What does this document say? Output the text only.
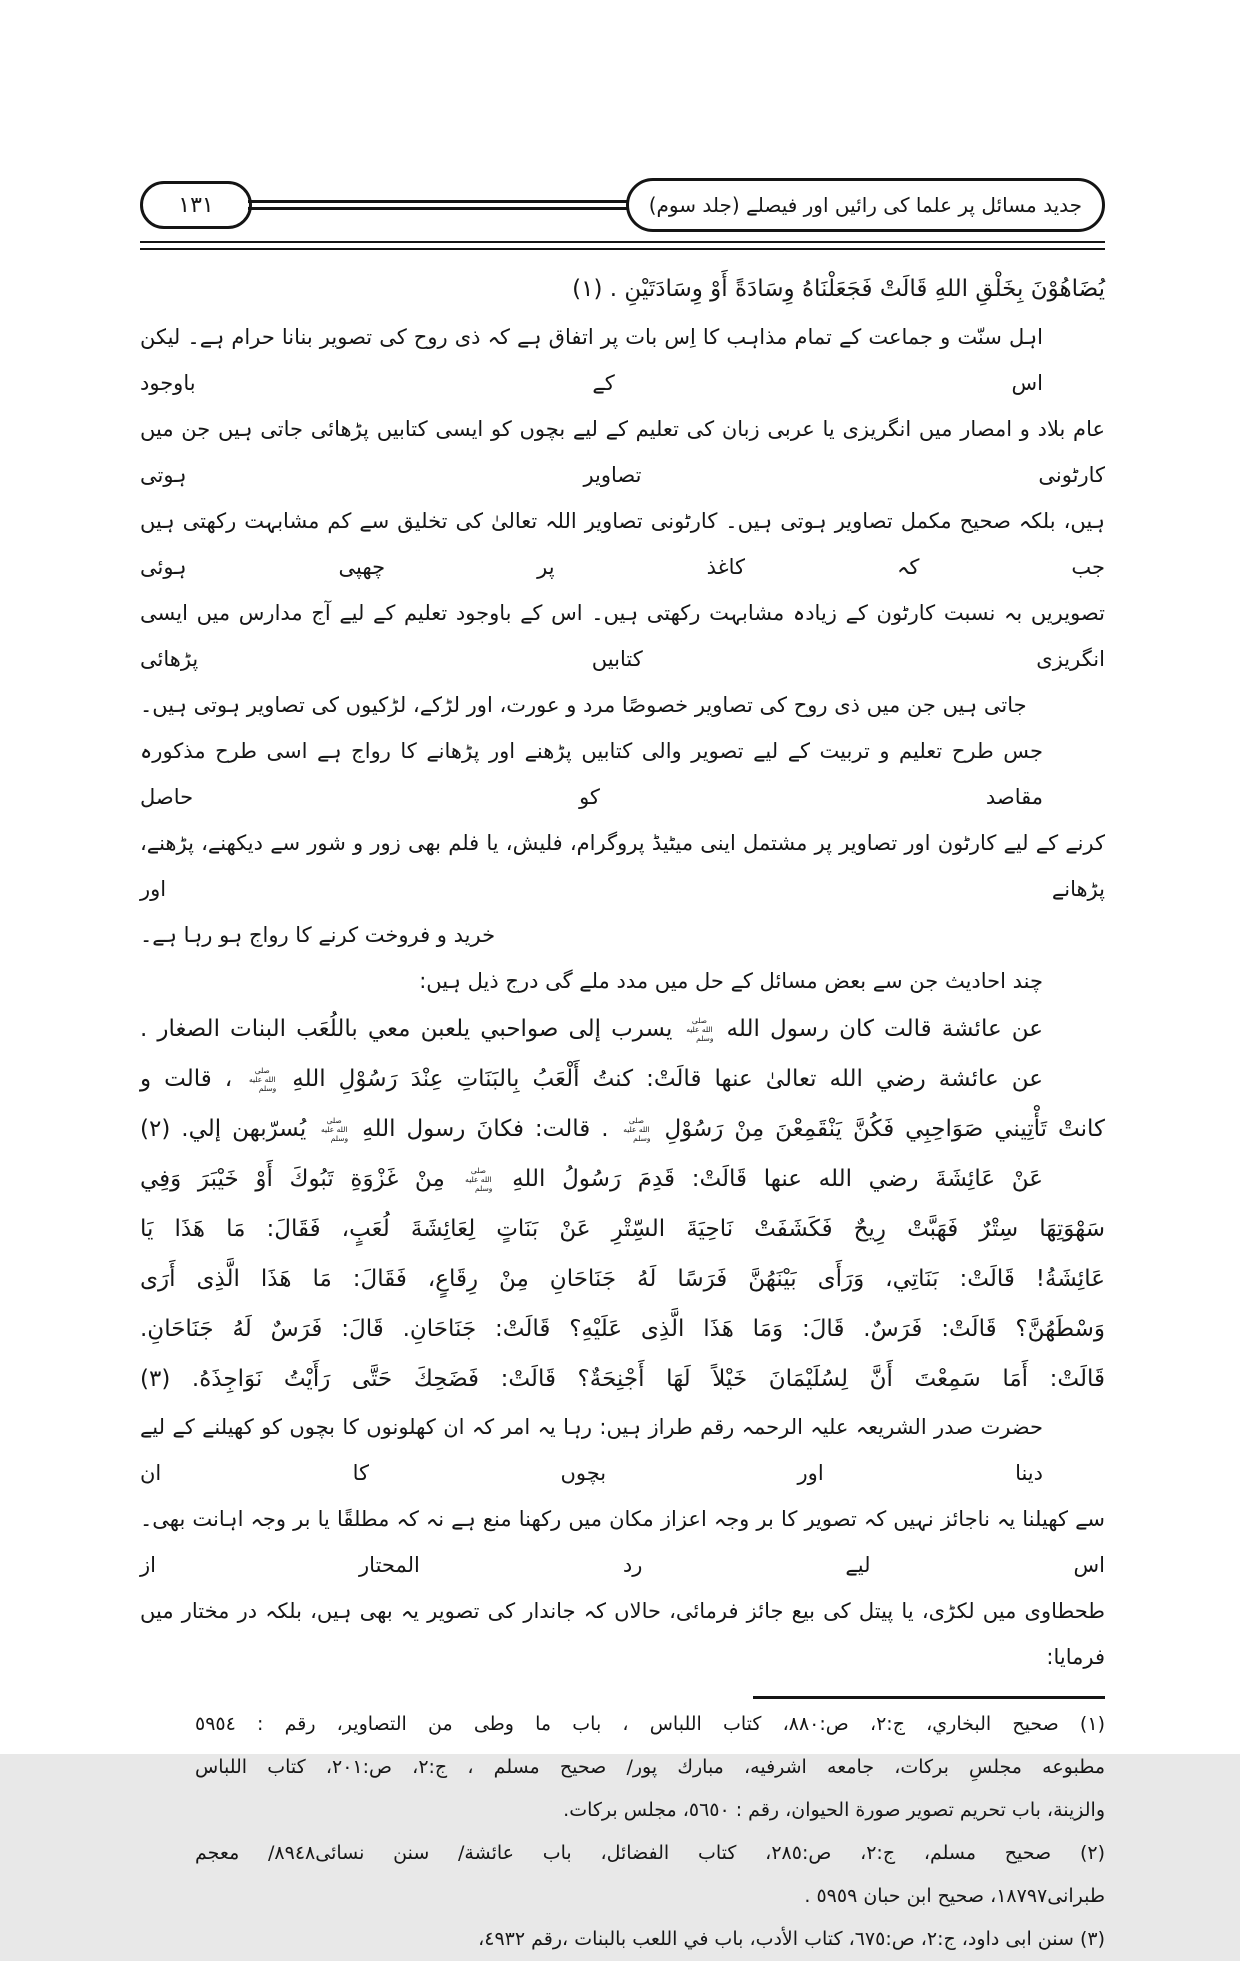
١٣١	جدید مسائل پر علما کی رائیں اور فیصلے (جلد سوم)
يُضَاهُوْنَ بِخَلْقِ اللهِ قَالَتْ فَجَعَلْنَاهُ وِسَادَةً أَوْ وِسَادَتَيْنِ . (١)
اہل سنّت و جماعت کے تمام مذاہب کا اِس بات پر اتفاق ہے کہ ذی روح کی تصویر بنانا حرام ہے۔ لیکن اس کے باوجود
عام بلاد و امصار میں انگریزی یا عربی زبان کی تعلیم کے لیے بچوں کو ایسی کتابیں پڑھائی جاتی ہیں جن میں کارٹونی تصاویر ہوتی
ہیں، بلکہ صحیح مکمل تصاویر ہوتی ہیں۔ کارٹونی تصاویر اللہ تعالیٰ کی تخلیق سے کم مشابہت رکھتی ہیں جب کہ کاغذ پر چھپی ہوئی
تصویریں بہ نسبت کارٹون کے زیادہ مشابہت رکھتی ہیں۔ اس کے باوجود تعلیم کے لیے آج مدارس میں ایسی انگریزی کتابیں پڑھائی
جاتی ہیں جن میں ذی روح کی تصاویر خصوصًا مرد و عورت، اور لڑکے، لڑکیوں کی تصاویر ہوتی ہیں۔
جس طرح تعلیم و تربیت کے لیے تصویر والی کتابیں پڑھنے اور پڑھانے کا رواج ہے اسی طرح مذکورہ مقاصد کو حاصل
کرنے کے لیے کارٹون اور تصاویر پر مشتمل اینی میٹیڈ پروگرام، فلیش، یا فلم بھی زور و شور سے دیکھنے، پڑھنے، پڑھانے اور
خرید و فروخت کرنے کا رواج ہو رہا ہے۔
چند احادیث جن سے بعض مسائل کے حل میں مدد ملے گی درج ذیل ہیں:
عن عائشة قالت كان رسول الله صلى الله عليه وسلم يسرب إلى صواحبي يلعبن معي باللُعَب البنات الصغار .
عن عائشة رضي الله تعالىٰ عنها قالَتْ: كنتُ أَلْعَبُ بِالبَنَاتِ عِنْدَ رَسُوْلِ اللهِ صلى الله عليه وسلم ، قالت و
كانتْ تَأْتِيني صَوَاحِبِي فَكُنَّ يَنْقَمِعْنَ مِنْ رَسُوْلِ صلى الله عليه وسلم . قالت: فكانَ رسول اللهِ صلى الله عليه وسلم يُسرّبهن إلي. (٢)
عَنْ عَائِشَةَ رضي الله عنها قَالَتْ: قَدِمَ رَسُولُ اللهِ صلى الله عليه وسلم مِنْ غَزْوَةِ تَبُوكَ أَوْ خَيْبَرَ وَفِي
سَهْوَتِهَا سِتْرٌ فَهَبَّتْ رِيحٌ فَكَشَفَتْ نَاحِيَةَ السِّتْرِ عَنْ بَنَاتٍ لِعَائِشَةَ لُعَبٍ، فَقَالَ: مَا هَذَا يَا
عَائِشَةُ! قَالَتْ: بَنَاتِي، وَرَأَى بَيْنَهُنَّ فَرَسًا لَهُ جَنَاحَانِ مِنْ رِقَاعٍ، فَقَالَ: مَا هَذَا الَّذِى أَرَى
وَسْطَهُنَّ؟ قَالَتْ: فَرَسٌ. قَالَ: وَمَا هَذَا الَّذِى عَلَيْهِ؟ قَالَتْ: جَنَاحَانِ. قَالَ: فَرَسٌ لَهُ جَنَاحَانِ.
قَالَتْ: أَمَا سَمِعْتَ أَنَّ لِسُلَيْمَانَ خَيْلاً لَهَا أَجْنِحَةٌ؟ قَالَتْ: فَضَحِكَ حَتَّى رَأَيْتُ نَوَاجِذَهُ. (٣)
حضرت صدر الشریعہ علیہ الرحمہ رقم طراز ہیں: رہا یہ امر کہ ان کھلونوں کا بچوں کو کھیلنے کے لیے دینا اور بچوں کا ان
سے کھیلنا یہ ناجائز نہیں کہ تصویر کا بر وجہ اعزاز مکان میں رکھنا منع ہے نہ کہ مطلقًا یا بر وجہ اہانت بھی۔ اس لیے رد المحتار از
طحطاوی میں لکڑی، یا پیتل کی بیع جائز فرمائی، حالاں کہ جاندار کی تصویر یہ بھی ہیں، بلکہ در مختار میں فرمایا:
(١) صحيح البخاري، ج:٢، ص:٨٨٠، كتاب اللباس ، باب ما وطى من التصاوير، رقم : ٥٩٥٤
مطبوعه مجلسِ بركات، جامعه اشرفيه، مبارك پور/ صحيح مسلم ، ج:٢، ص:٢٠١، كتاب اللباس
والزينة، باب تحريم تصوير صورة الحيوان، رقم : ٥٦٥٠، مجلس بركات.
(٢) صحيح مسلم، ج:٢، ص:٢٨٥، كتاب الفضائل، باب عائشة/ سنن نسائى٨٩٤٨/ معجم
طبرانى١٨٧٩٧، صحيح ابن حبان ٥٩٥٩ .
(٣) سنن ابى داود، ج:٢، ص:٦٧٥، كتاب الأدب، باب في اللعب بالبنات ،رقم ٤٩٣٢،
